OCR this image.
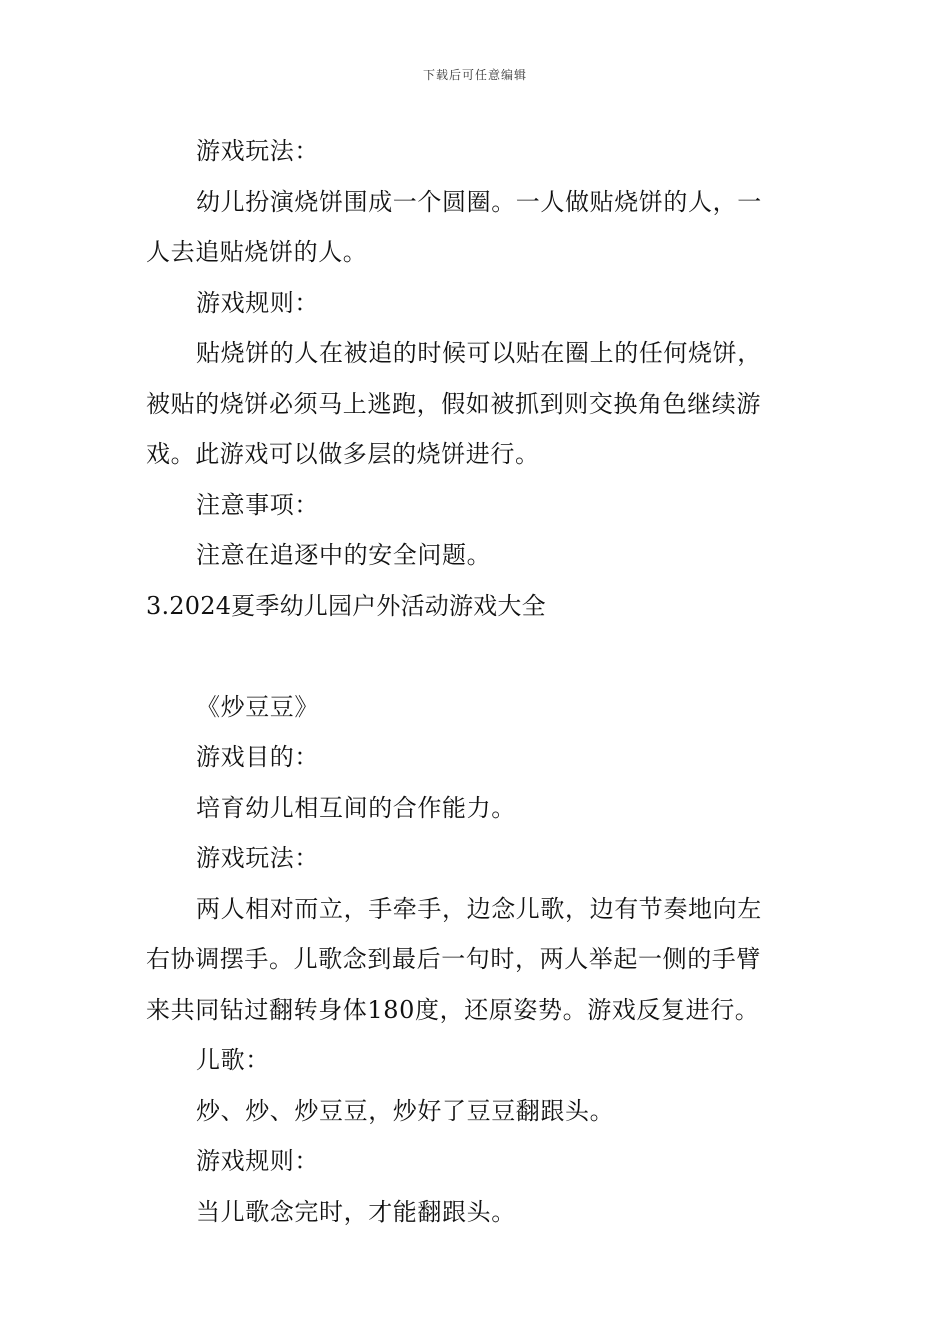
下载后可任意编辑
游戏玩法：
幼儿扮演烧饼围成一个圆圈。一人做贴烧饼的人，一
人去追贴烧饼的人。
游戏规则：
贴烧饼的人在被追的时候可以贴在圈上的任何烧饼，
被贴的烧饼必须马上逃跑，假如被抓到则交换角色继续游
戏。此游戏可以做多层的烧饼进行。
注意事项：
注意在追逐中的安全问题。
3.2024夏季幼儿园户外活动游戏大全
《炒豆豆》
游戏目的：
培育幼儿相互间的合作能力。
游戏玩法：
两人相对而立，手牵手，边念儿歌，边有节奏地向左
右协调摆手。儿歌念到最后一句时，两人举起一侧的手臂
来共同钻过翻转身体180度，还原姿势。游戏反复进行。
儿歌：
炒、炒、炒豆豆，炒好了豆豆翻跟头。
游戏规则：
当儿歌念完时，才能翻跟头。
